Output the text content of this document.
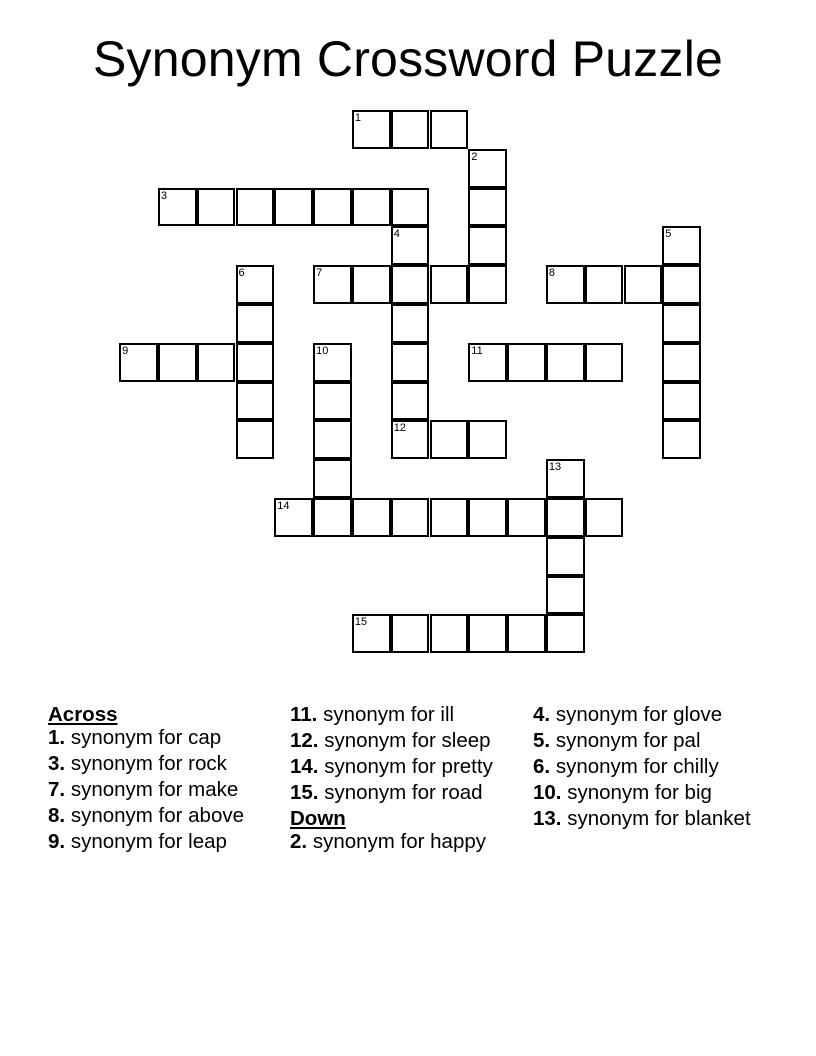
Synonym Crossword Puzzle
1
2
3
4	5
6	7	8
9	10	11
12
13
14
15
Across
1. synonym for cap
3. synonym for rock
7. synonym for make
8. synonym for above
9. synonym for leap
11. synonym for ill
12. synonym for sleep
14. synonym for pretty
15. synonym for road
Down
2. synonym for happy
4. synonym for glove
5. synonym for pal
6. synonym for chilly
10. synonym for big
13. synonym for blanket
